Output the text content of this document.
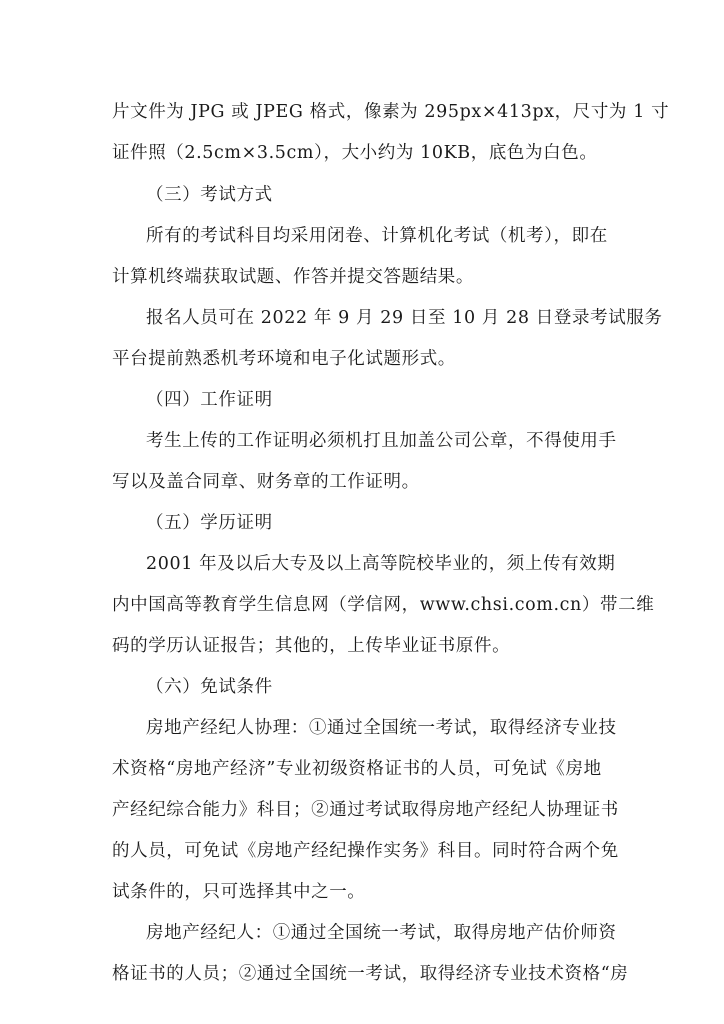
片文件为 JPG 或 JPEG 格式，像素为 295px×413px，尺寸为 1 寸
证件照（2.5cm×3.5cm），大小约为 10KB，底色为白色。
（三）考试方式
所有的考试科目均采用闭卷、计算机化考试（机考），即在
计算机终端获取试题、作答并提交答题结果。
报名人员可在 2022 年 9 月 29 日至 10 月 28 日登录考试服务
平台提前熟悉机考环境和电子化试题形式。
（四）工作证明
考生上传的工作证明必须机打且加盖公司公章，不得使用手
写以及盖合同章、财务章的工作证明。
（五）学历证明
2001 年及以后大专及以上高等院校毕业的，须上传有效期
内中国高等教育学生信息网（学信网，www.chsi.com.cn）带二维
码的学历认证报告；其他的，上传毕业证书原件。
（六）免试条件
房地产经纪人协理：①通过全国统一考试，取得经济专业技
术资格“房地产经济”专业初级资格证书的人员，可免试《房地
产经纪综合能力》科目；②通过考试取得房地产经纪人协理证书
的人员，可免试《房地产经纪操作实务》科目。同时符合两个免
试条件的，只可选择其中之一。
房地产经纪人：①通过全国统一考试，取得房地产估价师资
格证书的人员；②通过全国统一考试，取得经济专业技术资格“房
